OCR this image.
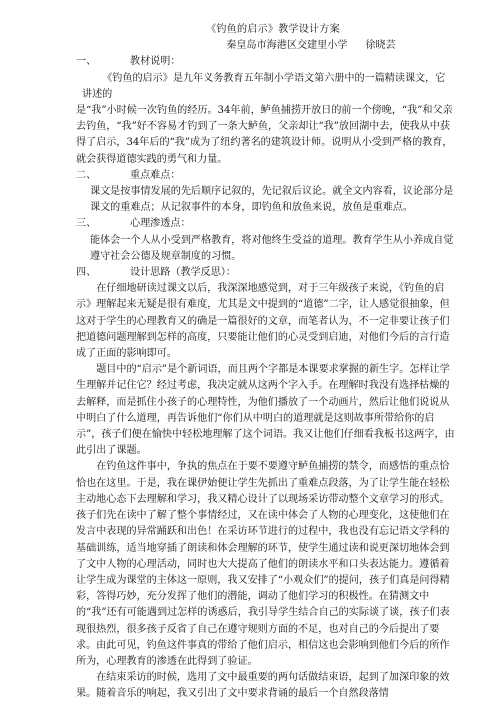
《钓鱼的启示》教学设计方案

秦皇岛市海港区交建里小学 徐晓芸

一、	教材说明：

《钓鱼的启示》是九年义务教育五年制小学语文第六册中的一篇精读课文，它讲述的

是“我”小时候一次钓鱼的经历。34年前，鲈鱼捕捞开放日的前一个傍晚，“我”和父亲去钓鱼，“我”好不容易才钓到了一条大鲈鱼，父亲却让“我”放回湖中去，使我从中获得了启示，34年后的“我”成为了纽约著名的建筑设计师。说明从小受到严格的教育，就会获得道德实践的勇气和力量。

二、	重点难点：

课文是按事情发展的先后顺序记叙的，先记叙后议论。就全文内容看，议论部分是课文的重难点；从记叙事件的本身，即钓鱼和放鱼来说，放鱼是重难点。

三、	心理渗透点：

能体会一个人从小受到严格教育，将对他终生受益的道理。教育学生从小养成自觉遵守社会公德及规章制度的习惯。

四、	设计思路（教学反思）：

在仔细地研读过课文以后，我深深地感觉到，对于三年级孩子来说，《钓鱼的启示》理解起来无疑是很有难度，尤其是文中提到的“道德”二字，让人感觉很抽象，但这对于学生的心理教育又的确是一篇很好的文章，而笔者认为，不一定非要让孩子们把道德问题理解到怎样的高度，只要能让他们的心灵受到启迪，对他们今后的言行造成了正面的影响即可。

题目中的“启示”是个新词语，而且两个字都是本课要求掌握的新生字。怎样让学生理解并记住它？经过考虑，我决定就从这两个字入手。在理解时我没有选择枯燥的去解释，而是抓住小孩子的心理特性，为他们播放了一个动画片，然后让他们说说从中明白了什么道理，再告诉他们“你们从中明白的道理就是这则故事所带给你的启示”，孩子们便在愉快中轻松地理解了这个词语。我又让他们仔细看我板书这两字，由此引出了课题。

在钓鱼这件事中，争执的焦点在于要不要遵守鲈鱼捕捞的禁令，而感悟的重点恰恰也在这里。于是，我在课伊始便让学生先抓出了重难点段落，为了让学生能在轻松主动地心态下去理解和学习，我又精心设计了以现场采访带动整个文章学习的形式。孩子们先在读中了解了整个事情经过，又在读中体会了人物的心理变化，这使他们在发言中表现的异常踊跃和出色！在采访环节进行的过程中，我也没有忘记语文学科的基础训练，适当地穿插了朗读和体会理解的环节，使学生通过读和说更深切地体会到了文中人物的心理活动，同时也大大提高了他们的朗读水平和口头表达能力。遵循着让学生成为课堂的主体这一原则，我又安排了“小观众们”的提问，孩子们真是问得精彩，答得巧妙，充分发挥了他们的潜能，调动了他们学习的积极性。在猜测文中的“我”还有可能遇到过怎样的诱惑后，我引导学生结合自己的实际谈了谈，孩子们表现很热烈，很多孩子反省了自己在遵守规则方面的不足，也对自己的今后提出了要求。由此可见，钓鱼这件事真的带给了他们启示，相信这也会影响到他们今后的所作所为，心理教育的渗透在此得到了验证。

在结束采访的时候，选用了文中最重要的两句话做结束语，起到了加深印象的效果。随着音乐的响起，我又引出了文中要求背诵的最后一个自然段落情
